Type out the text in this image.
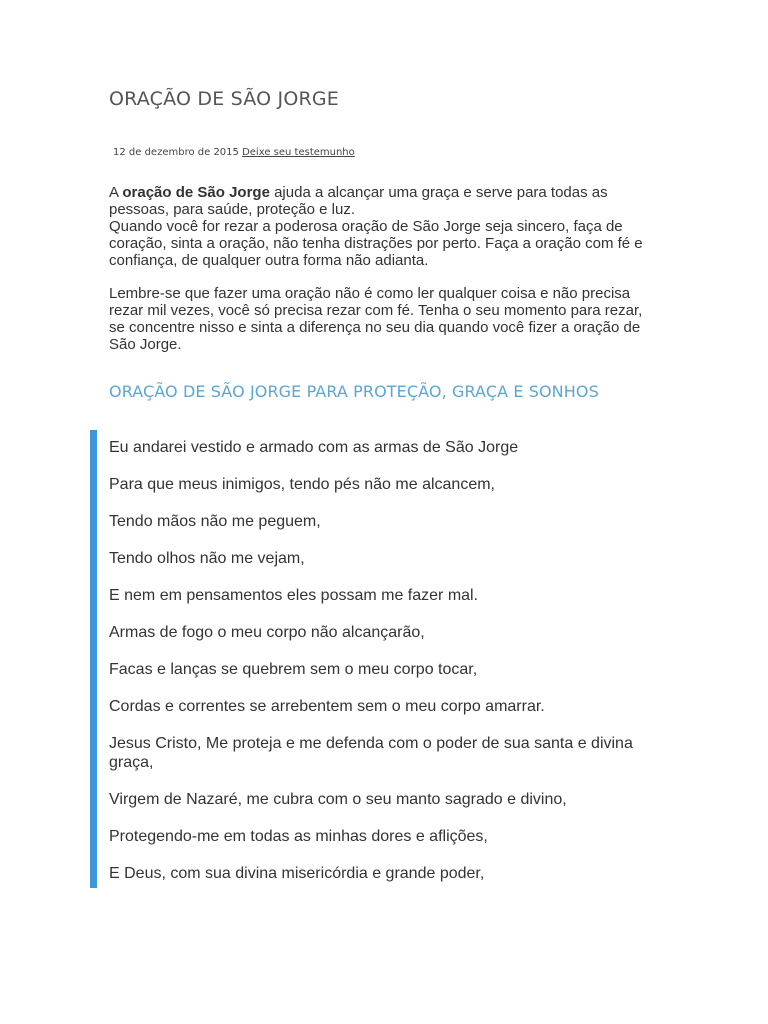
ORAÇÃO DE SÃO JORGE
12 de dezembro de 2015 Deixe seu testemunho

A oração de São Jorge ajuda a alcançar uma graça e serve para todas as pessoas, para saúde, proteção e luz.

Quando você for rezar a poderosa oração de São Jorge seja sincero, faça de coração, sinta a oração, não tenha distrações por perto. Faça a oração com fé e confiança, de qualquer outra forma não adianta.

Lembre-se que fazer uma oração não é como ler qualquer coisa e não precisa rezar mil vezes, você só precisa rezar com fé. Tenha o seu momento para rezar, se concentre nisso e sinta a diferença no seu dia quando você fizer a oração de São Jorge.

ORAÇÃO DE SÃO JORGE PARA PROTEÇÃO, GRAÇA E SONHOS

Eu andarei vestido e armado com as armas de São Jorge

Para que meus inimigos, tendo pés não me alcancem,

Tendo mãos não me peguem,

Tendo olhos não me vejam,

E nem em pensamentos eles possam me fazer mal.

Armas de fogo o meu corpo não alcançarão,

Facas e lanças se quebrem sem o meu corpo tocar,

Cordas e correntes se arrebentem sem o meu corpo amarrar.

Jesus Cristo, Me proteja e me defenda com o poder de sua santa e divina graça,

Virgem de Nazaré, me cubra com o seu manto sagrado e divino,

Protegendo-me em todas as minhas dores e aflições,

E Deus, com sua divina misericórdia e grande poder,
